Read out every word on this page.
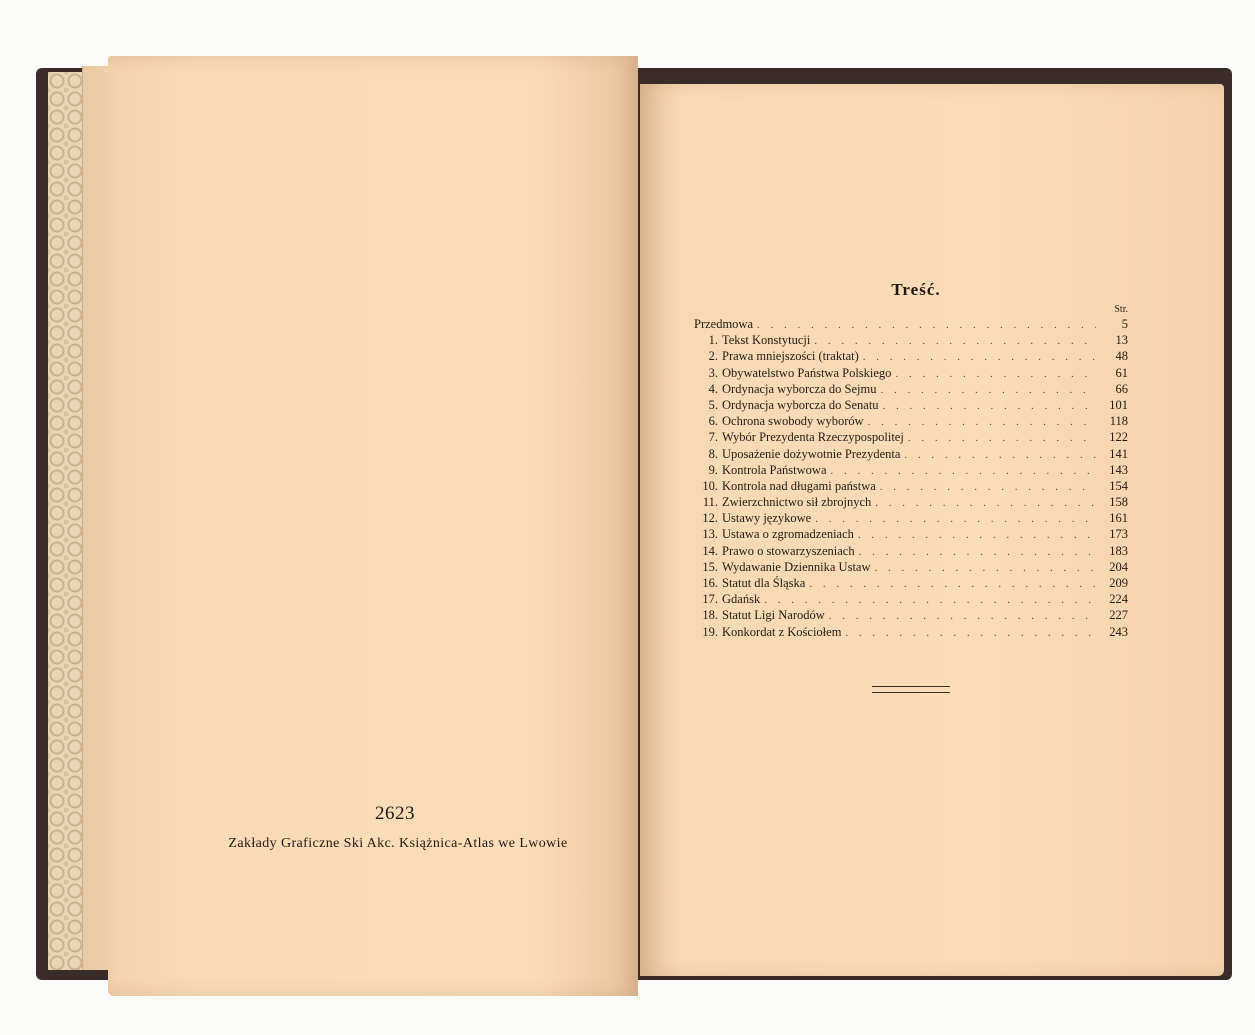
2623
Zakłady Graficzne Ski Akc. Książnica-Atlas we Lwowie
Treść.
Str.
Przedmowa . . .	5
1. Tekst Konstytucji . . .	13
2. Prawa mniejszości (traktat) . . .	48
3. Obywatelstwo Państwa Polskiego . . .	61
4. Ordynacja wyborcza do Sejmu . . .	66
5. Ordynacja wyborcza do Senatu . . .	101
6. Ochrona swobody wyborów . . .	118
7. Wybór Prezydenta Rzeczypospolitej . . .	122
8. Uposażenie dożywotnie Prezydenta . . .	141
9. Kontrola Państwowa . . .	143
10. Kontrola nad długami państwa . . .	154
11. Zwierzchnictwo sił zbrojnych . . .	158
12. Ustawy językowe . . .	161
13. Ustawa o zgromadzeniach . . .	173
14. Prawo o stowarzyszeniach . . .	183
15. Wydawanie Dziennika Ustaw . . .	204
16. Statut dla Śląska . . .	209
17. Gdańsk . . .	224
18. Statut Ligi Narodów . . .	227
19. Konkordat z Kościołem . . .	243
